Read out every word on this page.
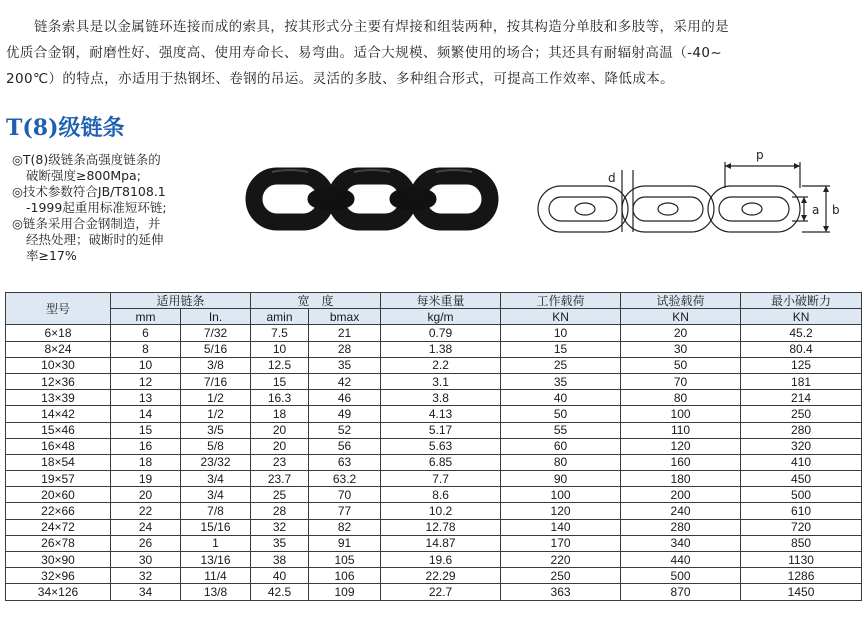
链条索具是以金属链环连接而成的索具，按其形式分主要有焊接和组装两种，按其构造分单肢和多肢等，采用的是
优质合金钢，耐磨性好、强度高、使用寿命长、易弯曲。适合大规模、频繁使用的场合；其还具有耐辐射高温（-40~
200℃）的特点，亦适用于热钢坯、卷钢的吊运。灵活的多肢、多种组合形式，可提高工作效率、降低成本。
T(8)级链条
◎T(8)级链条高强度链条的
破断强度≥800Mpa;
◎技术参数符合JB/T8108.1
-1999起重用标准短环链;
◎链条采用合金钢制造，并
经热处理；破断时的延伸
率≥17%
p
d
a b
型号	适用链条		宽　度		每米重量	工作载荷	试验载荷	最小破断力
	mm	In.	amin	bmax	kg/m	KN	KN	KN
6×18	6	7/32	7.5	21	0.79	10	20	45.2
8×24	8	5/16	10	28	1.38	15	30	80.4
10×30	10	3/8	12.5	35	2.2	25	50	125
12×36	12	7/16	15	42	3.1	35	70	181
13×39	13	1/2	16.3	46	3.8	40	80	214
14×42	14	1/2	18	49	4.13	50	100	250
15×46	15	3/5	20	52	5.17	55	110	280
16×48	16	5/8	20	56	5.63	60	120	320
18×54	18	23/32	23	63	6.85	80	160	410
19×57	19	3/4	23.7	63.2	7.7	90	180	450
20×60	20	3/4	25	70	8.6	100	200	500
22×66	22	7/8	28	77	10.2	120	240	610
24×72	24	15/16	32	82	12.78	140	280	720
26×78	26	1	35	91	14.87	170	340	850
30×90	30	13/16	38	105	19.6	220	440	1130
32×96	32	11/4	40	106	22.29	250	500	1286
34×126	34	13/8	42.5	109	22.7	363	870	1450
